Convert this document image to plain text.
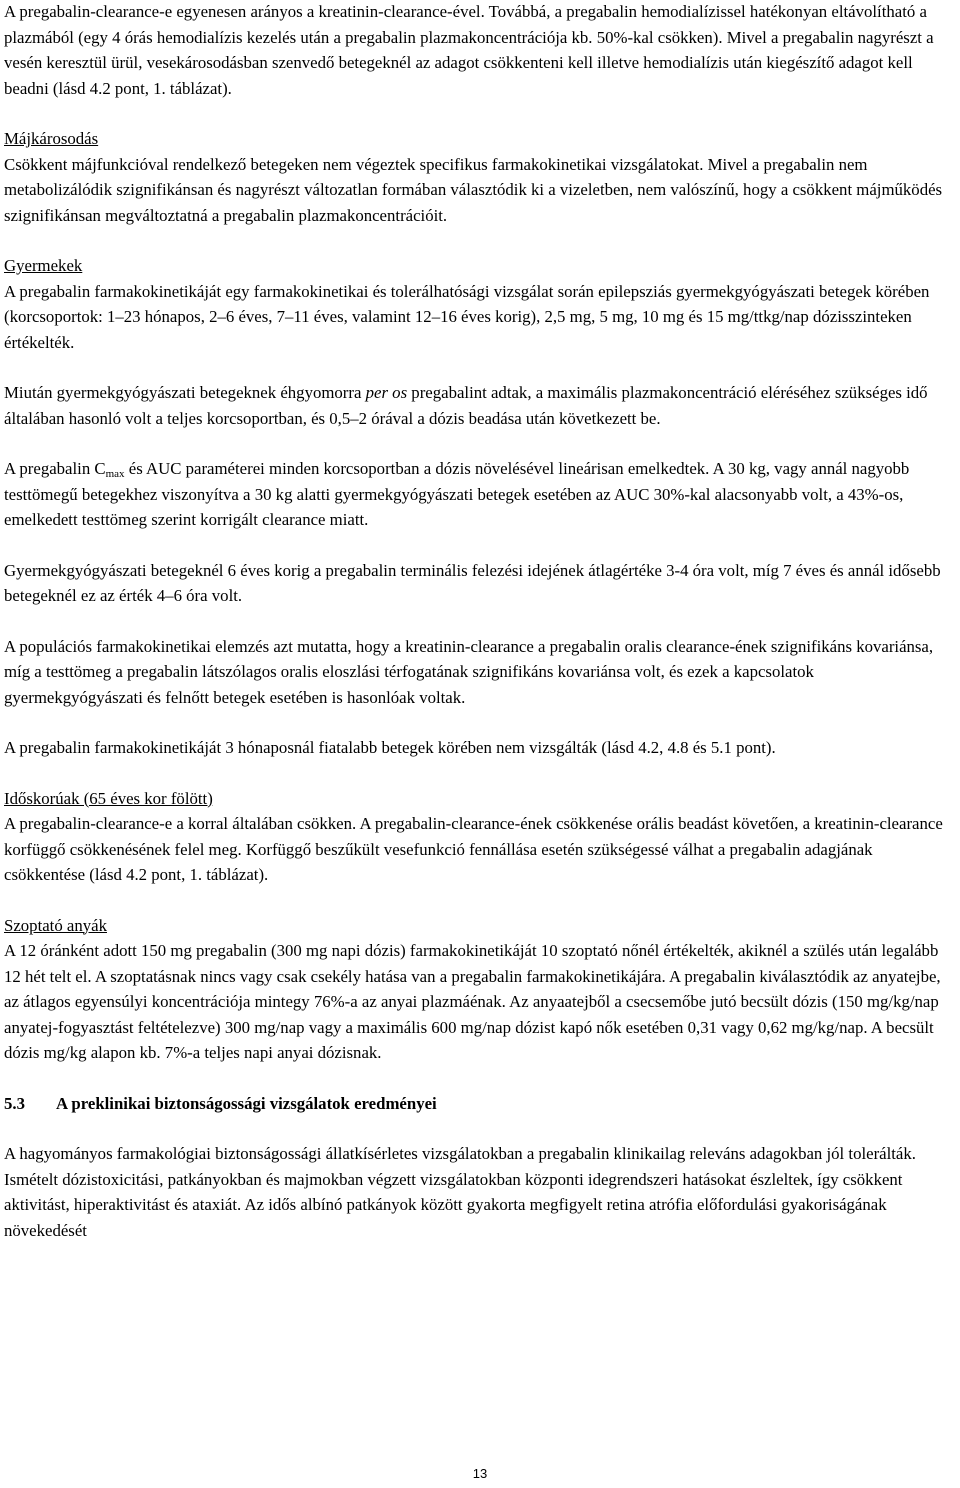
A pregabalin-clearance-e egyenesen arányos a kreatinin-clearance-ével. Továbbá, a pregabalin hemodialízissel hatékonyan eltávolítható a plazmából (egy 4 órás hemodialízis kezelés után a pregabalin plazmakoncentrációja kb. 50%-kal csökken). Mivel a pregabalin nagyrészt a vesén keresztül ürül, vesekárosodásban szenvedő betegeknél az adagot csökkenteni kell illetve hemodialízis után kiegészítő adagot kell beadni (lásd 4.2 pont, 1. táblázat).

Májkárosodás

Csökkent májfunkcióval rendelkező betegeken nem végeztek specifikus farmakokinetikai vizsgálatokat. Mivel a pregabalin nem metabolizálódik szignifikánsan és nagyrészt változatlan formában választódik ki a vizeletben, nem valószínű, hogy a csökkent májműködés szignifikánsan megváltoztatná a pregabalin plazmakoncentrációit.

Gyermekek

A pregabalin farmakokinetikáját egy farmakokinetikai és tolerálhatósági vizsgálat során epilepsziás gyermekgyógyászati betegek körében (korcsoportok: 1–23 hónapos, 2–6 éves, 7–11 éves, valamint 12–16 éves korig), 2,5 mg, 5 mg, 10 mg és 15 mg/ttkg/nap dózisszinteken értékelték.

Miután gyermekgyógyászati betegeknek éhgyomorra per os pregabalint adtak, a maximális plazmakoncentráció eléréséhez szükséges idő általában hasonló volt a teljes korcsoportban, és 0,5–2 órával a dózis beadása után következett be.

A pregabalin $C_{max}$ és AUC paraméterei minden korcsoportban a dózis növelésével lineárisan emelkedtek. A 30 kg, vagy annál nagyobb testtömegű betegekhez viszonyítva a 30 kg alatti gyermekgyógyászati betegek esetében az AUC 30%-kal alacsonyabb volt, a 43%-os, emelkedett testtömeg szerint korrigált clearance miatt.

Gyermekgyógyászati betegeknél 6 éves korig a pregabalin terminális felezési idejének átlagértéke 3-4 óra volt, míg 7 éves és annál idősebb betegeknél ez az érték 4–6 óra volt.

A populációs farmakokinetikai elemzés azt mutatta, hogy a kreatinin-clearance a pregabalin oralis clearance-ének szignifikáns kovariánsa, míg a testtömeg a pregabalin látszólagos oralis eloszlási térfogatának szignifikáns kovariánsa volt, és ezek a kapcsolatok gyermekgyógyászati és felnőtt betegek esetében is hasonlóak voltak.

A pregabalin farmakokinetikáját 3 hónaposnál fiatalabb betegek körében nem vizsgálták (lásd 4.2, 4.8 és 5.1 pont).

Időskorúak (65 éves kor fölött)

A pregabalin-clearance-e a korral általában csökken. A pregabalin-clearance-ének csökkenése orális beadást követően, a kreatinin-clearance korfüggő csökkenésének felel meg. Korfüggő beszűkült vesefunkció fennállása esetén szükségessé válhat a pregabalin adagjának csökkentése (lásd 4.2 pont, 1. táblázat).

Szoptató anyák

A 12 óránként adott 150 mg pregabalin (300 mg napi dózis) farmakokinetikáját 10 szoptató nőnél értékelték, akiknél a szülés után legalább 12 hét telt el. A szoptatásnak nincs vagy csak csekély hatása van a pregabalin farmakokinetikájára. A pregabalin kiválasztódik az anyatejbe, az átlagos egyensúlyi koncentrációja mintegy 76%-a az anyai plazmáénak. Az anyaatejből a csecsemőbe jutó becsült dózis (150 mg/kg/nap anyatej-fogyasztást feltételezve) 300 mg/nap vagy a maximális 600 mg/nap dózist kapó nők esetében 0,31 vagy 0,62 mg/kg/nap. A becsült dózis mg/kg alapon kb. 7%-a teljes napi anyai dózisnak.

5.3 A preklinikai biztonságossági vizsgálatok eredményei

A hagyományos farmakológiai biztonságossági állatkísérletes vizsgálatokban a pregabalin klinikailag releváns adagokban jól tolerálták. Ismételt dózistoxicitási, patkányokban és majmokban végzett vizsgálatokban központi idegrendszeri hatásokat észleltek, így csökkent aktivitást, hiperaktivitást és ataxiát. Az idős albínó patkányok között gyakorta megfigyelt retina atrófia előfordulási gyakoriságának növekedését

13
